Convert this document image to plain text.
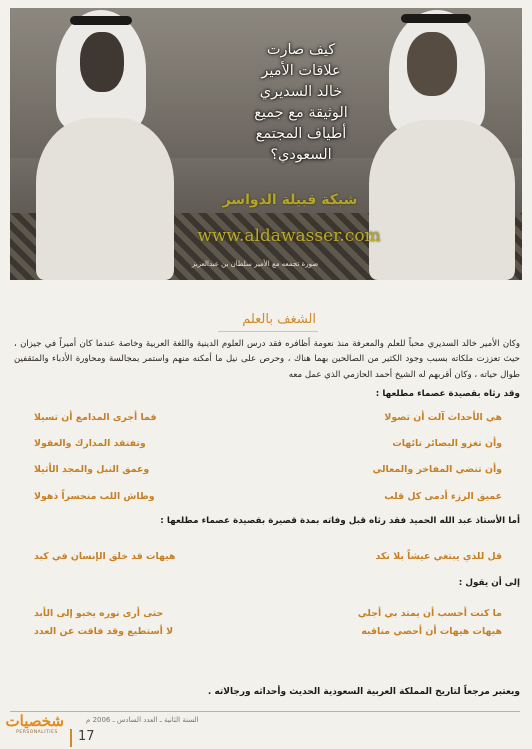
كيف صارت
علاقات الأمير
خالد السديري
الوثيقة مع جميع
أطياف المجتمع
السعودي؟
شبكة قبيلة الدواسر
www.aldawasser.com
صورة تجمعه مع الأمير سلطان بن عبدالعزيز
الشغف بالعلم
وكان الأمير خالد السديري محباً للعلم والمعرفة منذ نعومة أظافره فقد درس العلوم الدينية واللغة العربية وخاصة عندما كان أميراً في جيزان ، حيث تعززت ملكاته بسبب وجود الكثير من الصالحين بهما هناك ، وحرص على نيل ما أمكنه منهم واستمر بمجالسة ومحاورة الأدباء والمثقفين طوال حياته ، وكان أقربهم له الشيخ أحمد الحازمي الذي عمل معه
وقد رثاه بقصيدة عصماء مطلعها :
هي الأحداث آلت أن تصولا
فما أجرى المدامع أن تسيلا
وأن تغزو البصائر تائهات
وتفتقد المدارك والعقولا
وأن تنضي المفاخر والمعالي
وعمق النبل والمجد الأثيلا
عميق الرزء أدمى كل قلب
وطاش اللب منحسراً ذهولا
أما الأستاذ عبد الله الحميد فقد رثاه قبل وفاته بمدة قصيرة بقصيدة عصماء مطلعها :
قل للذي يبتغي عيشاً بلا نكد
هيهات قد خلق الإنسان في كبد
إلى أن يقول :
ما كنت أحسب أن يمتد بي أجلي
حتى أرى نوره يخبو إلى الأبد
هيهات هيهات أن أحصي مناقبه
لا أستطيع وقد فاقت عن العدد
ويعتبر مرجعاً لتاريخ المملكة العربية السعودية الحديث وأحداثه ورجالاته .
شخصيات
PERSONALITIES
السنة الثانية ـ العدد السادس ـ 2006 م
17
